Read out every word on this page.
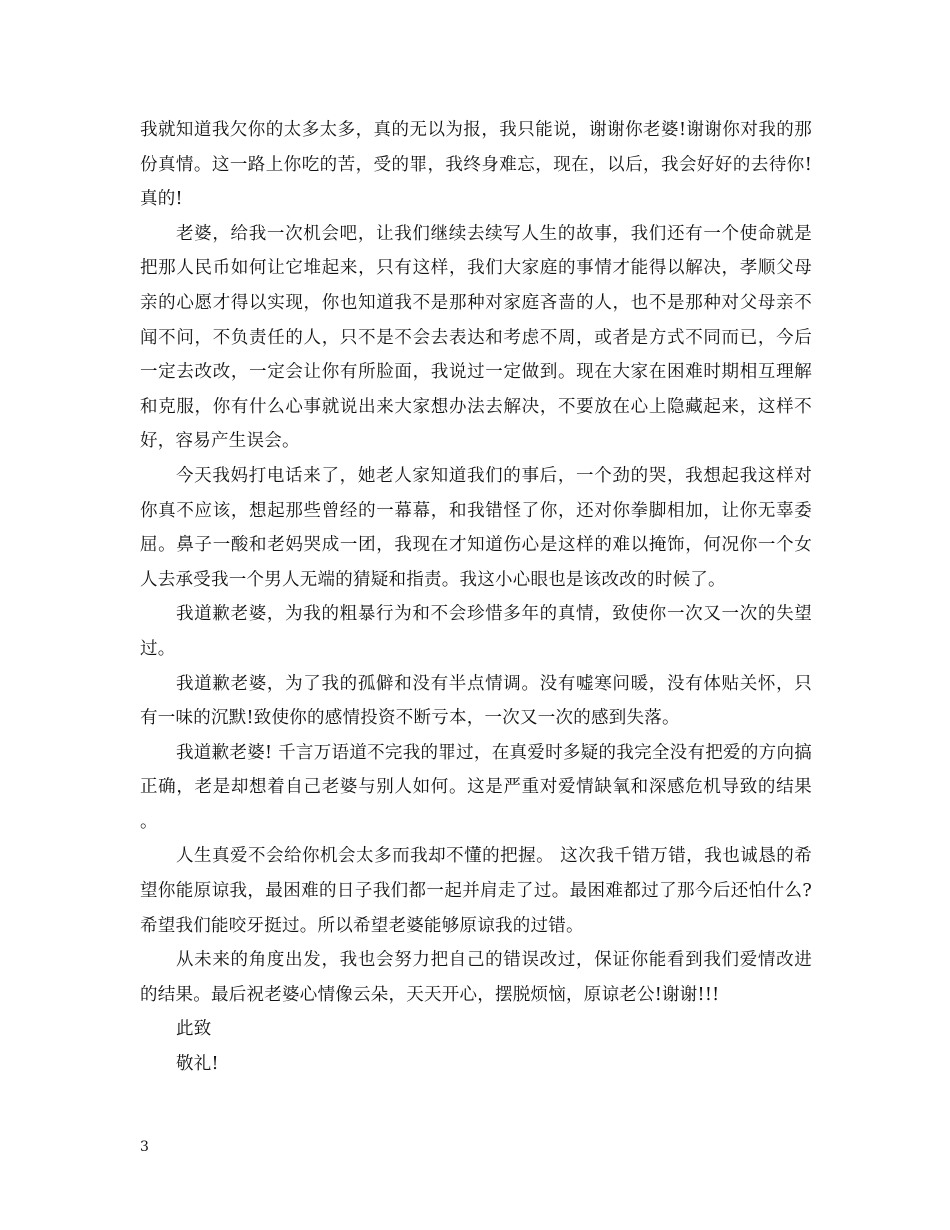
我就知道我欠你的太多太多，真的无以为报，我只能说，谢谢你老婆!谢谢你对我的那份真情。这一路上你吃的苦，受的罪，我终身难忘，现在，以后，我会好好的去待你!真的!

老婆，给我一次机会吧，让我们继续去续写人生的故事，我们还有一个使命就是把那人民币如何让它堆起来，只有这样，我们大家庭的事情才能得以解决，孝顺父母亲的心愿才得以实现，你也知道我不是那种对家庭吝啬的人，也不是那种对父母亲不闻不问，不负责任的人，只不是不会去表达和考虑不周，或者是方式不同而已，今后一定去改改，一定会让你有所脸面，我说过一定做到。现在大家在困难时期相互理解和克服，你有什么心事就说出来大家想办法去解决，不要放在心上隐藏起来，这样不好，容易产生误会。

今天我妈打电话来了，她老人家知道我们的事后，一个劲的哭，我想起我这样对你真不应该，想起那些曾经的一幕幕，和我错怪了你，还对你拳脚相加，让你无辜委屈。鼻子一酸和老妈哭成一团，我现在才知道伤心是这样的难以掩饰，何况你一个女人去承受我一个男人无端的猜疑和指责。我这小心眼也是该改改的时候了。

我道歉老婆，为我的粗暴行为和不会珍惜多年的真情，致使你一次又一次的失望过。

我道歉老婆，为了我的孤僻和没有半点情调。没有嘘寒问暖，没有体贴关怀，只有一味的沉默!致使你的感情投资不断亏本，一次又一次的感到失落。

我道歉老婆! 千言万语道不完我的罪过，在真爱时多疑的我完全没有把爱的方向搞正确，老是却想着自己老婆与别人如何。这是严重对爱情缺氧和深感危机导致的结果 。

人生真爱不会给你机会太多而我却不懂的把握。 这次我千错万错，我也诚恳的希望你能原谅我，最困难的日子我们都一起并肩走了过。最困难都过了那今后还怕什么?希望我们能咬牙挺过。所以希望老婆能够原谅我的过错。

从未来的角度出发，我也会努力把自己的错误改过，保证你能看到我们爱情改进的结果。最后祝老婆心情像云朵，天天开心，摆脱烦恼，原谅老公!谢谢!!!

此致

敬礼!

3
